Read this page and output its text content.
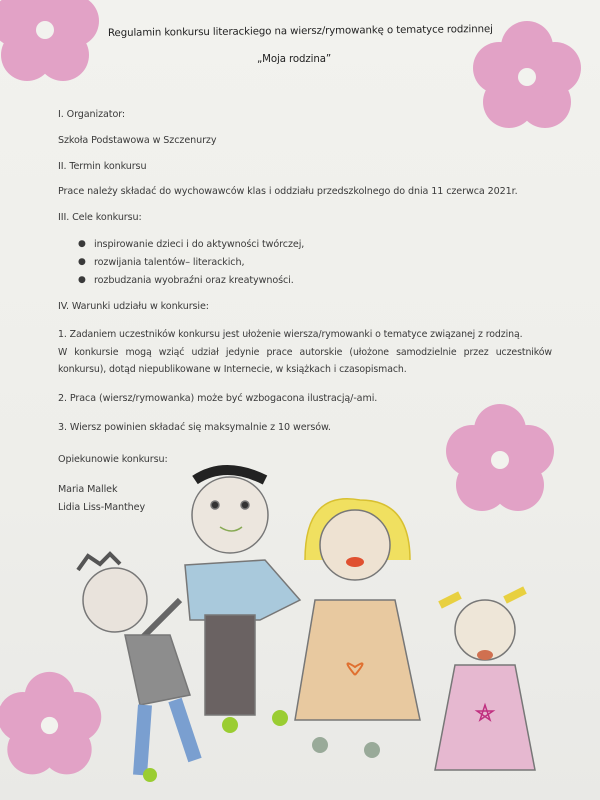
Regulamin konkursu literackiego na wiersz/rymowankę o tematyce rodzinnej
„Moja rodzina”
I. Organizator:
Szkoła Podstawowa w Szczenurzy
II. Termin konkursu
Prace należy składać do wychowawców klas i oddziału przedszkolnego do dnia 11 czerwca 2021r.
III. Cele konkursu:
● inspirowanie dzieci i do aktywności twórczej,
● rozwijania talentów– literackich,
● rozbudzania wyobraźni oraz kreatywności.
IV. Warunki udziału w konkursie:
1. Zadaniem uczestników konkursu jest ułożenie wiersza/rymowanki o tematyce związanej z rodziną.
W konkursie mogą wziąć udział jedynie prace autorskie (ułożone samodzielnie przez uczestników
konkursu), dotąd niepublikowane w Internecie, w książkach i czasopismach.
2. Praca (wiersz/rymowanka) może być wzbogacona ilustracją/-ami.
3. Wiersz powinien składać się maksymalnie z 10 wersów.
Opiekunowie konkursu:
Maria Mallek
Lidia Liss-Manthey
